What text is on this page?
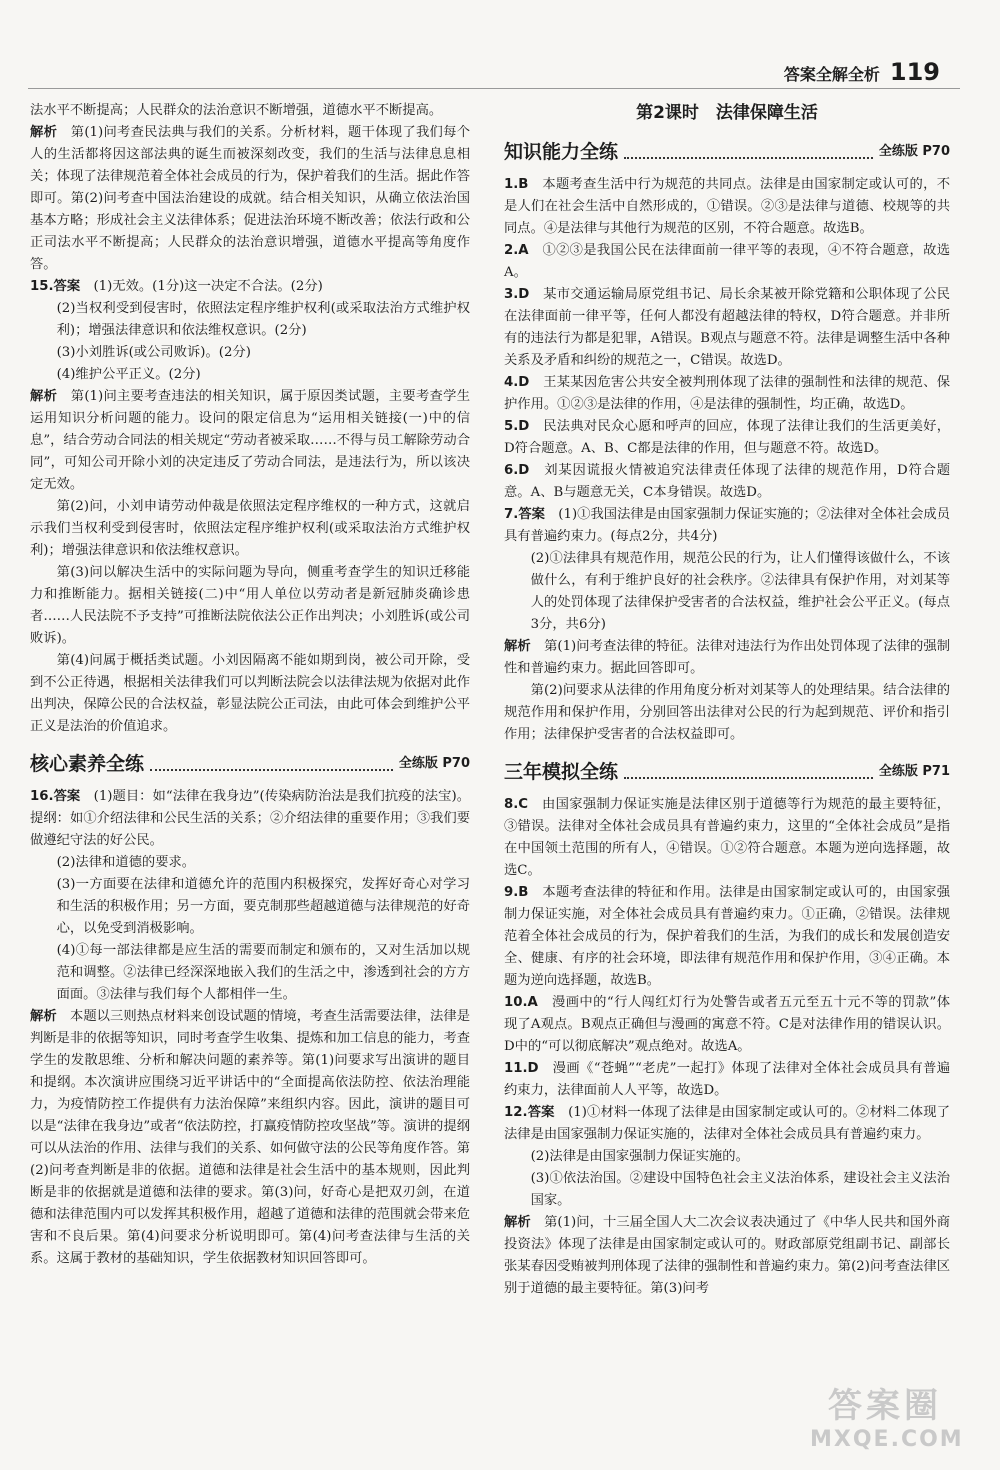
答案全解全析 119

法水平不断提高；人民群众的法治意识不断增强，道德水平不断提高。

解析　 第(1)问考查民法典与我们的关系。分析材料，题干体现了我们每个人的生活都将因这部法典的诞生而被深刻改变，我们的生活与法律息息相关；体现了法律规范着全体社会成员的行为，保护着我们的生活。据此作答即可。第(2)问考查中国法治建设的成就。结合相关知识，从确立依法治国基本方略；形成社会主义法律体系；促进法治环境不断改善；依法行政和公正司法水平不断提高；人民群众的法治意识增强，道德水平提高等角度作答。

15.答案　 (1)无效。(1分)这一决定不合法。(2分)

(2)当权利受到侵害时，依照法定程序维护权利(或采取法治方式维护权利)；增强法律意识和依法维权意识。(2分)

(3)小刘胜诉(或公司败诉)。(2分)

(4)维护公平正义。(2分)

解析　 第(1)问主要考查违法的相关知识，属于原因类试题，主要考查学生运用知识分析问题的能力。设问的限定信息为“运用相关链接(一)中的信息”，结合劳动合同法的相关规定“劳动者被采取……不得与员工解除劳动合同”，可知公司开除小刘的决定违反了劳动合同法，是违法行为，所以该决定无效。

第(2)问，小刘申请劳动仲裁是依照法定程序维权的一种方式，这就启示我们当权利受到侵害时，依照法定程序维护权利(或采取法治方式维护权利)；增强法律意识和依法维权意识。

第(3)问以解决生活中的实际问题为导向，侧重考查学生的知识迁移能力和推断能力。据相关链接(二)中“用人单位以劳动者是新冠肺炎确诊患者……人民法院不予支持”可推断法院依法公正作出判决；小刘胜诉(或公司败诉)。

第(4)问属于概括类试题。小刘因隔离不能如期到岗，被公司开除，受到不公正待遇，根据相关法律我们可以判断法院会以法律法规为依据对此作出判决，保障公民的合法权益，彰显法院公正司法，由此可体会到维护公平正义是法治的价值追求。

核心素养全练	全练版 P70

16.答案　 (1)题目：如“法律在我身边”(传染病防治法是我们抗疫的法宝)。提纲：如①介绍法律和公民生活的关系；②介绍法律的重要作用；③我们要做遵纪守法的好公民。

(2)法律和道德的要求。

(3)一方面要在法律和道德允许的范围内积极探究，发挥好奇心对学习和生活的积极作用；另一方面，要克制那些超越道德与法律规范的好奇心，以免受到消极影响。

(4)①每一部法律都是应生活的需要而制定和颁布的，又对生活加以规范和调整。②法律已经深深地嵌入我们的生活之中，渗透到社会的方方面面。③法律与我们每个人都相伴一生。

解析　 本题以三则热点材料来创设试题的情境，考查生活需要法律，法律是判断是非的依据等知识，同时考查学生收集、提炼和加工信息的能力，考查学生的发散思维、分析和解决问题的素养等。第(1)问要求写出演讲的题目和提纲。本次演讲应围绕习近平讲话中的“全面提高依法防控、依法治理能力，为疫情防控工作提供有力法治保障”来组织内容。因此，演讲的题目可以是“法律在我身边”或者“依法防控，打赢疫情防控攻坚战”等。演讲的提纲可以从法治的作用、法律与我们的关系、如何做守法的公民等角度作答。第(2)问考查判断是非的依据。道德和法律是社会生活中的基本规则，因此判断是非的依据就是道德和法律的要求。第(3)问，好奇心是把双刃剑，在道德和法律范围内可以发挥其积极作用，超越了道德和法律的范围就会带来危害和不良后果。第(4)问要求分析说明即可。第(4)问考查法律与生活的关系。这属于教材的基础知识，学生依据教材知识回答即可。

第2课时　法律保障生活
知识能力全练	全练版 P70

1.B　 本题考查生活中行为规范的共同点。法律是由国家制定或认可的，不是人们在社会生活中自然形成的，①错误。②③是法律与道德、校规等的共同点。④是法律与其他行为规范的区别，不符合题意。故选B。

2.A　 ①②③是我国公民在法律面前一律平等的表现，④不符合题意，故选A。

3.D　 某市交通运输局原党组书记、局长余某被开除党籍和公职体现了公民在法律面前一律平等，任何人都没有超越法律的特权，D符合题意。并非所有的违法行为都是犯罪，A错误。B观点与题意不符。法律是调整生活中各种关系及矛盾和纠纷的规范之一，C错误。故选D。

4.D　 王某某因危害公共安全被判刑体现了法律的强制性和法律的规范、保护作用。①②③是法律的作用，④是法律的强制性，均正确，故选D。

5.D　 民法典对民众心愿和呼声的回应，体现了法律让我们的生活更美好，D符合题意。A、B、C都是法律的作用，但与题意不符。故选D。

6.D　 刘某因谎报火情被追究法律责任体现了法律的规范作用，D符合题意。A、B与题意无关，C本身错误。故选D。

7.答案　 (1)①我国法律是由国家强制力保证实施的；②法律对全体社会成员具有普遍约束力。(每点2分，共4分)

(2)①法律具有规范作用，规范公民的行为，让人们懂得该做什么，不该做什么，有利于维护良好的社会秩序。②法律具有保护作用，对刘某等人的处罚体现了法律保护受害者的合法权益，维护社会公平正义。(每点3分，共6分)

解析　 第(1)问考查法律的特征。法律对违法行为作出处罚体现了法律的强制性和普遍约束力。据此回答即可。

第(2)问要求从法律的作用角度分析对刘某等人的处理结果。结合法律的规范作用和保护作用，分别回答出法律对公民的行为起到规范、评价和指引作用；法律保护受害者的合法权益即可。

三年模拟全练	全练版 P71

8.C　 由国家强制力保证实施是法律区别于道德等行为规范的最主要特征，③错误。法律对全体社会成员具有普遍约束力，这里的“全体社会成员”是指在中国领土范围的所有人，④错误。①②符合题意。本题为逆向选择题，故选C。

9.B　 本题考查法律的特征和作用。法律是由国家制定或认可的，由国家强制力保证实施，对全体社会成员具有普遍约束力。①正确，②错误。法律规范着全体社会成员的行为，保护着我们的生活，为我们的成长和发展创造安全、健康、有序的社会环境，即法律有规范作用和保护作用，③④正确。本题为逆向选择题，故选B。

10.A　 漫画中的“行人闯红灯行为处警告或者五元至五十元不等的罚款”体现了A观点。B观点正确但与漫画的寓意不符。C是对法律作用的错误认识。D中的“可以彻底解决”观点绝对。故选A。

11.D　 漫画《“苍蝇”“老虎”一起打》体现了法律对全体社会成员具有普遍约束力，法律面前人人平等，故选D。

12.答案　 (1)①材料一体现了法律是由国家制定或认可的。②材料二体现了法律是由国家强制力保证实施的，法律对全体社会成员具有普遍约束力。

(2)法律是由国家强制力保证实施的。

(3)①依法治国。②建设中国特色社会主义法治体系，建设社会主义法治国家。

解析　 第(1)问，十三届全国人大二次会议表决通过了《中华人民共和国外商投资法》体现了法律是由国家制定或认可的。财政部原党组副书记、副部长张某春因受贿被判刑体现了法律的强制性和普遍约束力。第(2)问考查法律区别于道德的最主要特征。第(3)问考

答案圈
MXQE.COM
